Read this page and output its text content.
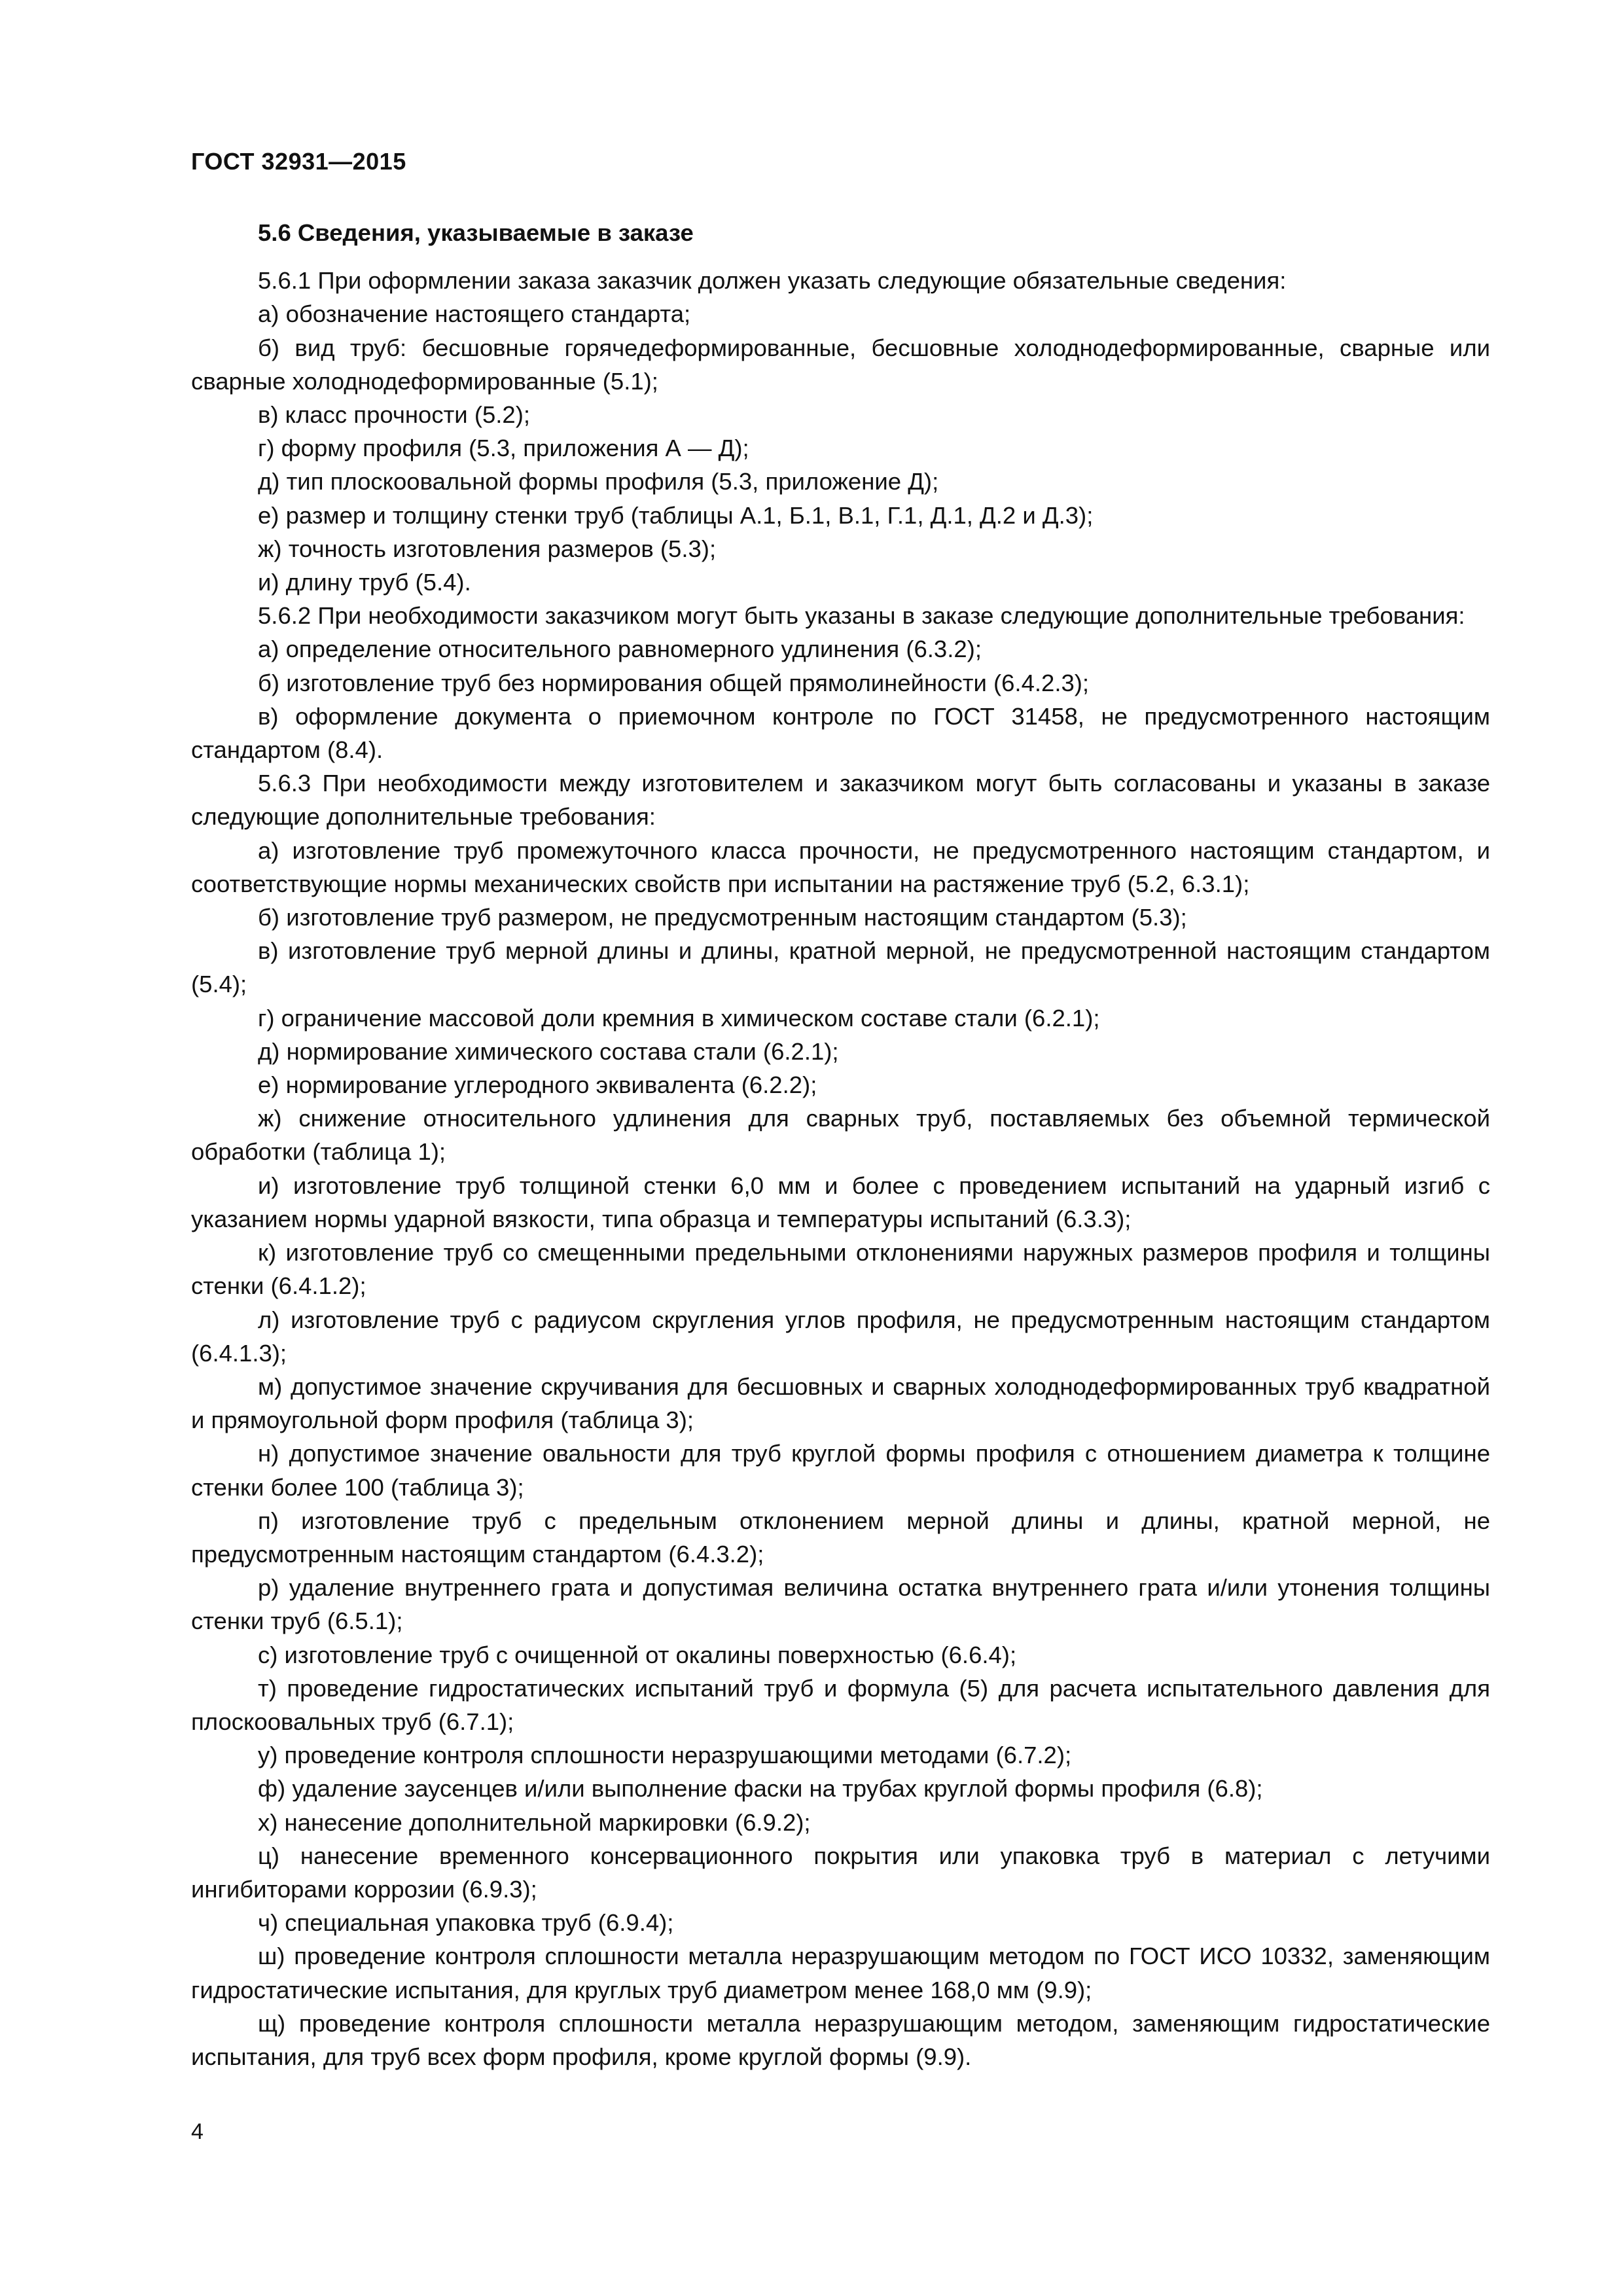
ГОСТ 32931—2015

5.6 Сведения, указываемые в заказе

5.6.1 При оформлении заказа заказчик должен указать следующие обязательные сведения:

а) обозначение настоящего стандарта;

б) вид труб: бесшовные горячедеформированные, бесшовные холоднодеформированные, сварные или сварные холоднодеформированные (5.1);

в) класс прочности (5.2);

г) форму профиля (5.3, приложения А — Д);

д) тип плоскоовальной формы профиля (5.3, приложение Д);

е) размер и толщину стенки труб (таблицы А.1, Б.1, В.1, Г.1, Д.1, Д.2 и Д.3);

ж) точность изготовления размеров (5.3);

и) длину труб (5.4).

5.6.2 При необходимости заказчиком могут быть указаны в заказе следующие дополнительные требования:

а) определение относительного равномерного удлинения (6.3.2);

б) изготовление труб без нормирования общей прямолинейности (6.4.2.3);

в) оформление документа о приемочном контроле по ГОСТ 31458, не предусмотренного настоящим стандартом (8.4).

5.6.3 При необходимости между изготовителем и заказчиком могут быть согласованы и указаны в заказе следующие дополнительные требования:

а) изготовление труб промежуточного класса прочности, не предусмотренного настоящим стандартом, и соответствующие нормы механических свойств при испытании на растяжение труб (5.2, 6.3.1);

б) изготовление труб размером, не предусмотренным настоящим стандартом (5.3);

в) изготовление труб мерной длины и длины, кратной мерной, не предусмотренной настоящим стандартом (5.4);

г) ограничение массовой доли кремния в химическом составе стали (6.2.1);

д) нормирование химического состава стали (6.2.1);

е) нормирование углеродного эквивалента (6.2.2);

ж) снижение относительного удлинения для сварных труб, поставляемых без объемной термической обработки (таблица 1);

и) изготовление труб толщиной стенки 6,0 мм и более с проведением испытаний на ударный изгиб с указанием нормы ударной вязкости, типа образца и температуры испытаний (6.3.3);

к) изготовление труб со смещенными предельными отклонениями наружных размеров профиля и толщины стенки (6.4.1.2);

л) изготовление труб с радиусом скругления углов профиля, не предусмотренным настоящим стандартом (6.4.1.3);

м) допустимое значение скручивания для бесшовных и сварных холоднодеформированных труб квадратной и прямоугольной форм профиля (таблица 3);

н) допустимое значение овальности для труб круглой формы профиля с отношением диаметра к толщине стенки более 100 (таблица 3);

п) изготовление труб с предельным отклонением мерной длины и длины, кратной мерной, не предусмотренным настоящим стандартом (6.4.3.2);

р) удаление внутреннего грата и допустимая величина остатка внутреннего грата и/или утонения толщины стенки труб (6.5.1);

с) изготовление труб с очищенной от окалины поверхностью (6.6.4);

т) проведение гидростатических испытаний труб и формула (5) для расчета испытательного давления для плоскоовальных труб (6.7.1);

у) проведение контроля сплошности неразрушающими методами (6.7.2);

ф) удаление заусенцев и/или выполнение фаски на трубах круглой формы профиля (6.8);

х) нанесение дополнительной маркировки (6.9.2);

ц) нанесение временного консервационного покрытия или упаковка труб в материал с летучими ингибиторами коррозии (6.9.3);

ч) специальная упаковка труб (6.9.4);

ш) проведение контроля сплошности металла неразрушающим методом по ГОСТ ИСО 10332, заменяющим гидростатические испытания, для круглых труб диаметром менее 168,0 мм (9.9);

щ) проведение контроля сплошности металла неразрушающим методом, заменяющим гидростатические испытания, для труб всех форм профиля, кроме круглой формы (9.9).

4
